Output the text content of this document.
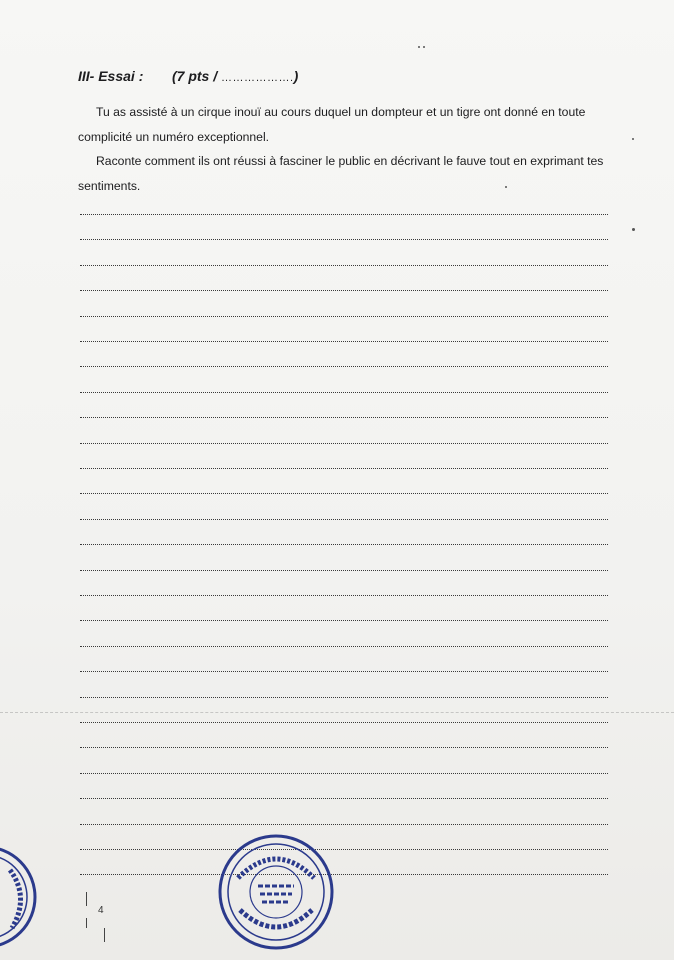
III- Essai : (7 pts / ……………….)
Tu as assisté à un cirque inouï au cours duquel un dompteur et un tigre ont donné en toute complicité un numéro exceptionnel.
Raconte comment ils ont réussi à fasciner le public en décrivant le fauve tout en exprimant tes sentiments.
4
